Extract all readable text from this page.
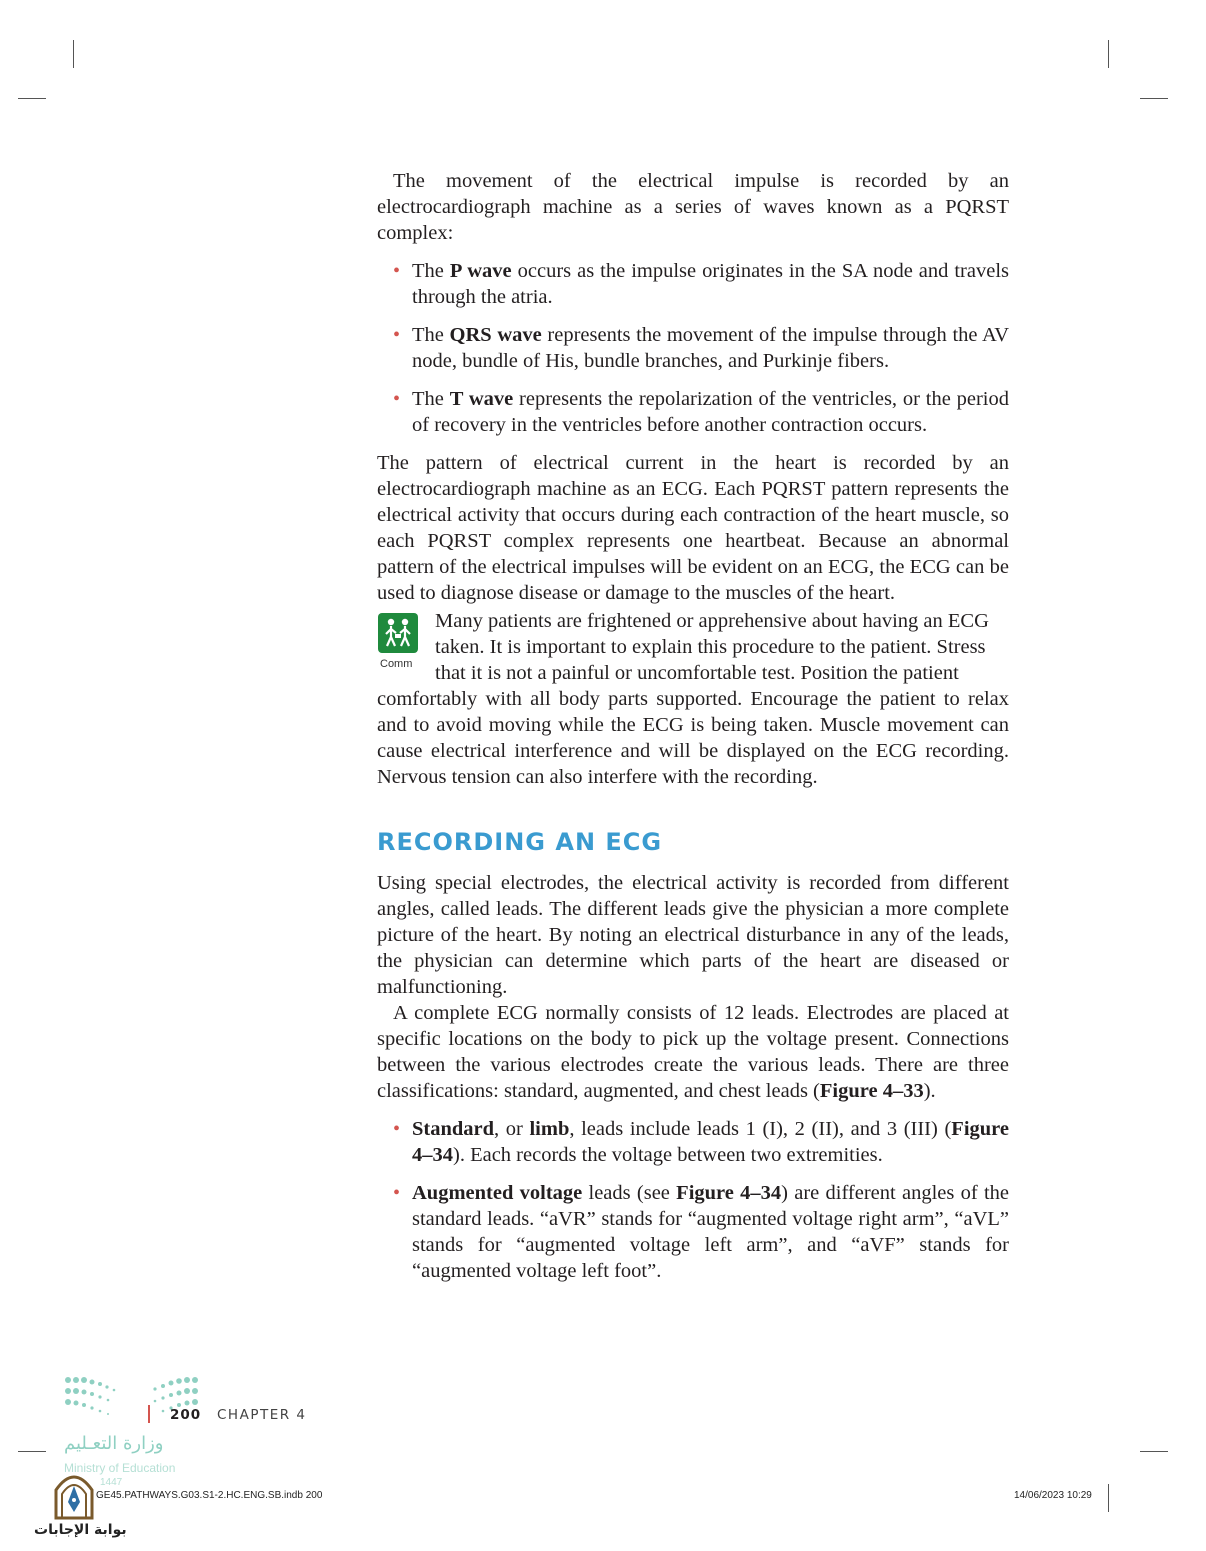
The movement of the electrical impulse is recorded by an electrocardiograph machine as a series of waves known as a PQRST complex:

• The P wave occurs as the impulse originates in the SA node and travels through the atria.
• The QRS wave represents the movement of the impulse through the AV node, bundle of His, bundle branches, and Purkinje fibers.
• The T wave represents the repolarization of the ventricles, or the period of recovery in the ventricles before another contraction occurs.

The pattern of electrical current in the heart is recorded by an electrocardiograph machine as an ECG. Each PQRST pattern represents the electrical activity that occurs during each contraction of the heart muscle, so each PQRST complex represents one heartbeat. Because an abnormal pattern of the electrical impulses will be evident on an ECG, the ECG can be used to diagnose disease or damage to the muscles of the heart.

Comm
Many patients are frightened or apprehensive about having an ECG
taken. It is important to explain this procedure to the patient. Stress
that it is not a painful or uncomfortable test. Position the patient

comfortably with all body parts supported. Encourage the patient to relax and to avoid moving while the ECG is being taken. Muscle movement can cause electrical interference and will be displayed on the ECG recording. Nervous tension can also interfere with the recording.

RECORDING AN ECG

Using special electrodes, the electrical activity is recorded from different angles, called leads. The different leads give the physician a more complete picture of the heart. By noting an electrical disturbance in any of the leads, the physician can determine which parts of the heart are diseased or malfunctioning.

A complete ECG normally consists of 12 leads. Electrodes are placed at specific locations on the body to pick up the voltage present. Connections between the various electrodes create the various leads. There are three classifications: standard, augmented, and chest leads (Figure 4–33).

• Standard, or limb, leads include leads 1 (I), 2 (II), and 3 (III) (Figure 4–34). Each records the voltage between two extremities.
• Augmented voltage leads (see Figure 4–34) are different angles of the standard leads. “aVR” stands for “augmented voltage right arm”, “aVL” stands for “augmented voltage left arm”, and “aVF” stands for “augmented voltage left foot”.
200 CHAPTER 4
وزارة التعـليم
Ministry of Education
1447
بوابة الإجابات
GE45.PATHWAYS.G03.S1-2.HC.ENG.SB.indb 200	14/06/2023 10:29
